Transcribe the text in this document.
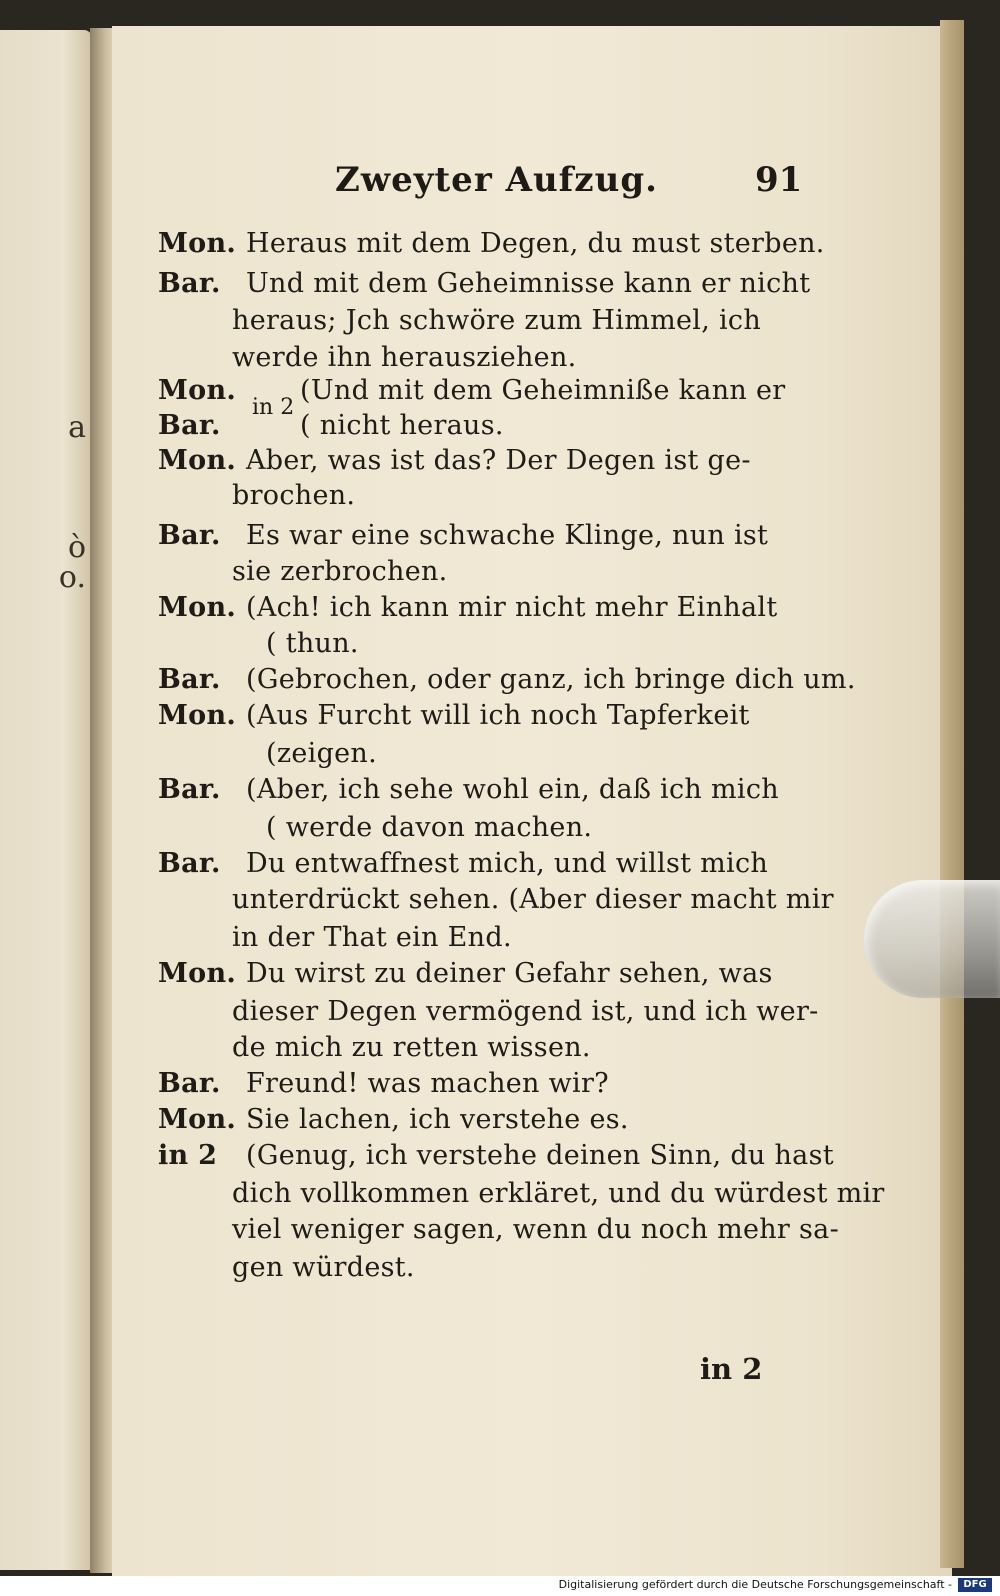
a
ò
o.
Zweyter Aufzug.	91
Mon. Heraus mit dem Degen, du must sterben.
Bar. Und mit dem Geheimnisse kann er nicht
heraus; Jch schwöre zum Himmel, ich
werde ihn herausziehen.
Mon. (Und mit dem Geheimniße kann er
Bar.	( nicht heraus.
Mon. Aber, was ist das? Der Degen ist ge-
brochen.
Bar. Es war eine schwache Klinge, nun ist
sie zerbrochen.
Mon. (Ach! ich kann mir nicht mehr Einhalt
( thun.
Bar. (Gebrochen, oder ganz, ich bringe dich um.
Mon. (Aus Furcht will ich noch Tapferkeit
(zeigen.
Bar. (Aber, ich sehe wohl ein, daß ich mich
( werde davon machen.
Bar. Du entwaffnest mich, und willst mich
unterdrückt sehen. (Aber dieser macht mir
in der That ein End.
Mon. Du wirst zu deiner Gefahr sehen, was
dieser Degen vermögend ist, und ich wer-
de mich zu retten wissen.
Bar. Freund! was machen wir?
Mon. Sie lachen, ich verstehe es.
in 2 (Genug, ich verstehe deinen Sinn, du hast
dich vollkommen erkläret, und du würdest mir
viel weniger sagen, wenn du noch mehr sa-
gen würdest.
in 2
in 2
Digitalisierung gefördert durch die Deutsche Forschungsgemeinschaft -	DFG
